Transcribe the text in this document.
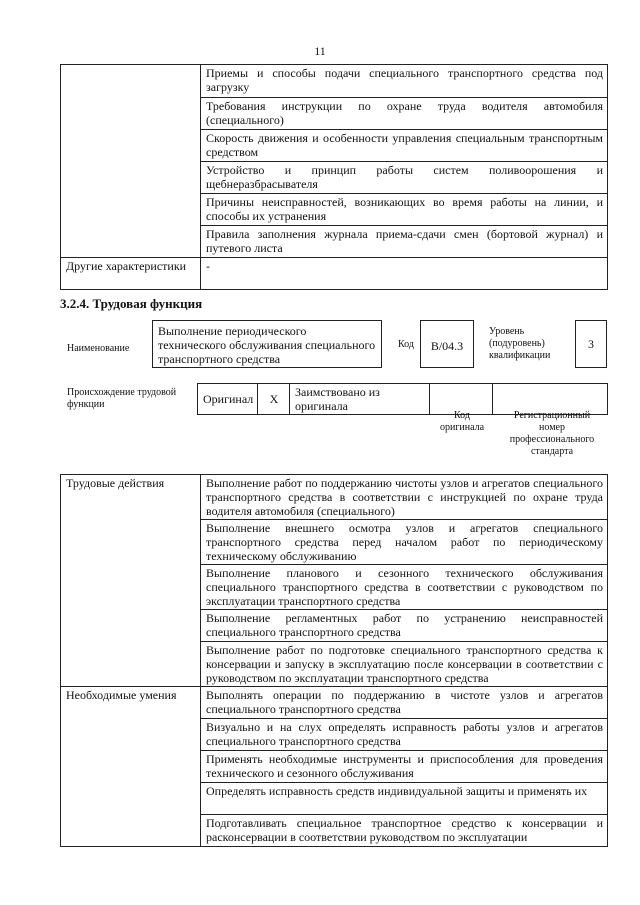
11
	Приемы и способы подачи специального транспортного средства под загрузку
	Требования инструкции по охране труда водителя автомобиля (специального)
	Скорость движения и особенности управления специальным транспортным средством
	Устройство и принцип работы систем поливоорошения и щебнеразбрасывателя
	Причины неисправностей, возникающих во время работы на линии, и способы их устранения
	Правила заполнения журнала приема-сдачи смен (бортовой журнал) и путевого листа
Другие характеристики	-
3.2.4. Трудовая функция
Наименование
Выполнение периодического технического обслуживания специального транспортного средства
Код	B/04.3
Уровень (подуровень) квалификации
3
Происхождение трудовой функции	Оригинал	X	Заимствовано из оригинала		
Код оригинала
Регистрационный номер профессионального стандарта
Трудовые действия	Выполнение работ по поддержанию чистоты узлов и агрегатов специального транспортного средства в соответствии с инструкцией по охране труда водителя автомобиля (специального)
	Выполнение внешнего осмотра узлов и агрегатов специального транспортного средства перед началом работ по периодическому техническому обслуживанию
	Выполнение планового и сезонного технического обслуживания специального транспортного средства в соответствии с руководством по эксплуатации транспортного средства
	Выполнение регламентных работ по устранению неисправностей специального транспортного средства
	Выполнение работ по подготовке специального транспортного средства к консервации и запуску в эксплуатацию после консервации в соответствии с руководством по эксплуатации транспортного средства
Необходимые умения	Выполнять операции по поддержанию в чистоте узлов и агрегатов специального транспортного средства
	Визуально и на слух определять исправность работы узлов и агрегатов специального транспортного средства
	Применять необходимые инструменты и приспособления для проведения технического и сезонного обслуживания
	Определять исправность средств индивидуальной защиты и применять их
	Подготавливать специальное транспортное средство к консервации и расконсервации в соответствии руководством по эксплуатации
